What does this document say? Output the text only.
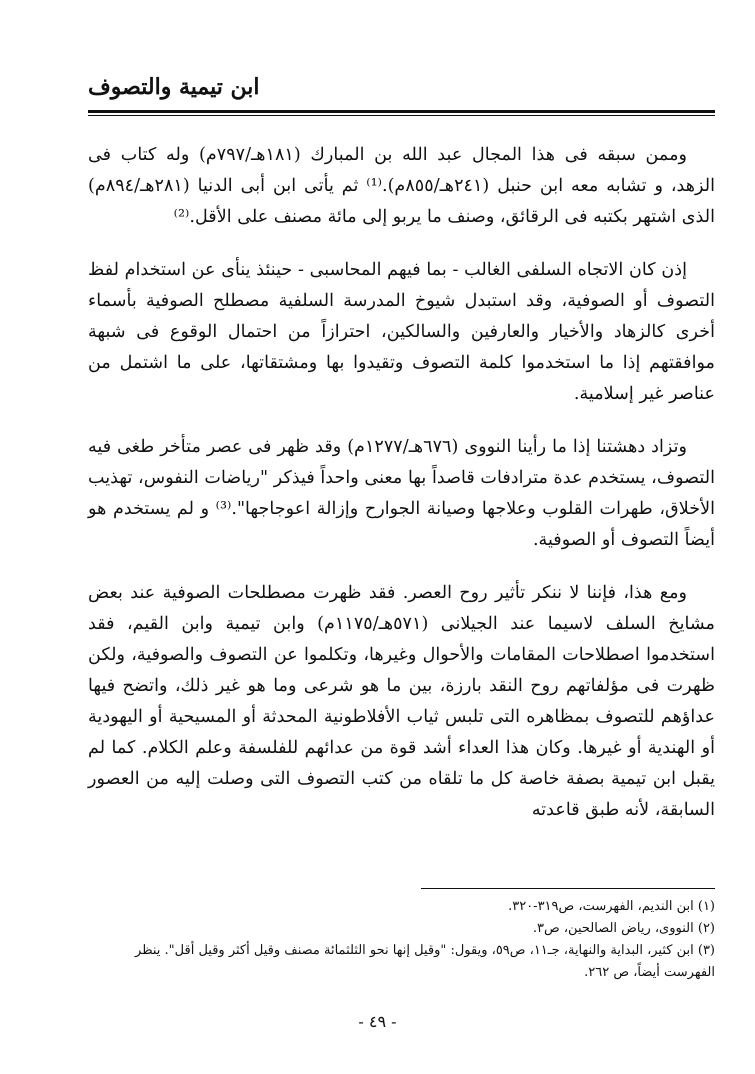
ابن تيمية والتصوف

وممن سبقه فى هذا المجال عبد الله بن المبارك (١٨١هـ/٧٩٧م) وله كتاب فى الزهد، و تشابه معه ابن حنبل (٢٤١هـ/٨٥٥م).⁽¹⁾ ثم يأتى ابن أبى الدنيا (٢٨١هـ/٨٩٤م) الذى اشتهر بكتبه فى الرقائق، وصنف ما يربو إلى مائة مصنف على الأقل.⁽²⁾

إذن كان الاتجاه السلفى الغالب - بما فيهم المحاسبى - حينئذ ينأى عن استخدام لفظ التصوف أو الصوفية، وقد استبدل شيوخ المدرسة السلفية مصطلح الصوفية بأسماء أخرى كالزهاد والأخيار والعارفين والسالكين، احترازاً من احتمال الوقوع فى شبهة موافقتهم إذا ما استخدموا كلمة التصوف وتقيدوا بها ومشتقاتها، على ما اشتمل من عناصر غير إسلامية.

وتزاد دهشتنا إذا ما رأينا النووى (٦٧٦هـ/١٢٧٧م) وقد ظهر فى عصر متأخر طغى فيه التصوف، يستخدم عدة مترادفات قاصداً بها معنى واحداً فيذكر "رياضات النفوس، تهذيب الأخلاق، طهرات القلوب وعلاجها وصيانة الجوارح وإزالة اعوجاجها".⁽³⁾ و لم يستخدم هو أيضاً التصوف أو الصوفية.

ومع هذا، فإننا لا ننكر تأثير روح العصر. فقد ظهرت مصطلحات الصوفية عند بعض مشايخ السلف لاسيما عند الجيلانى (٥٧١هـ/١١٧٥م) وابن تيمية وابن القيم، فقد استخدموا اصطلاحات المقامات والأحوال وغيرها، وتكلموا عن التصوف والصوفية، ولكن ظهرت فى مؤلفاتهم روح النقد بارزة، بين ما هو شرعى وما هو غير ذلك، واتضح فيها عداؤهم للتصوف بمظاهره التى تلبس ثياب الأفلاطونية المحدثة أو المسيحية أو اليهودية أو الهندية أو غيرها. وكان هذا العداء أشد قوة من عدائهم للفلسفة وعلم الكلام. كما لم يقبل ابن تيمية بصفة خاصة كل ما تلقاه من كتب التصوف التى وصلت إليه من العصور السابقة، لأنه طبق قاعدته

(١) ابن النديم، الفهرست، ص٣١٩-٣٢٠.

(٢) النووى، رياض الصالحين، ص٣.

(٣) ابن كثير، البداية والنهاية، جـ١١، ص٥٩، ويقول: "وقيل إنها نحو الثلثمائة مصنف وقيل أكثر وقيل أقل". ينظر الفهرست أيضاً، ص ٢٦٢.

- ٤٩ -
